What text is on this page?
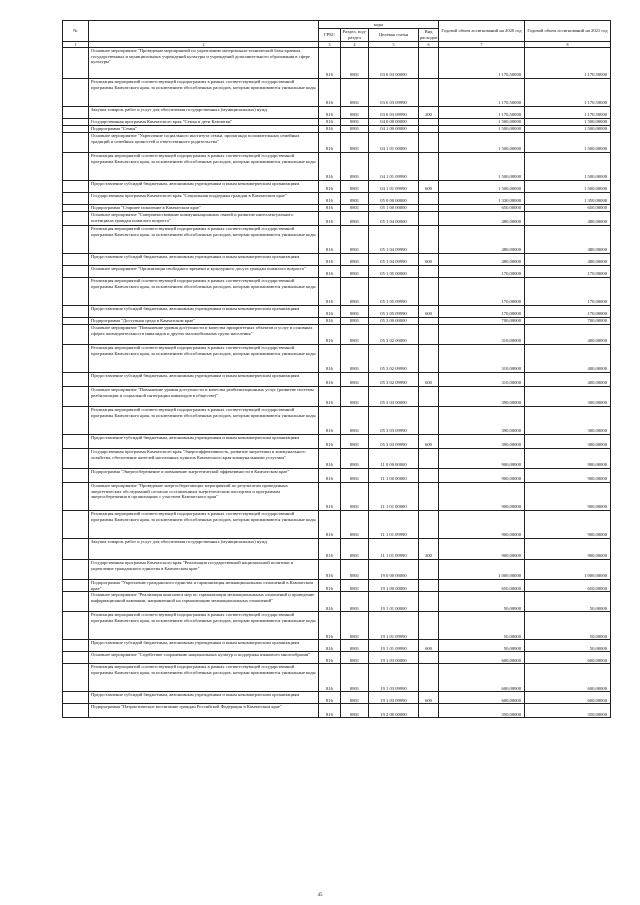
№		коды				Годовой объем ассигнований на 2020 год	Годовой объем ассигнований на 2021 год
		ГРБС	Раздел, под-раздел	Целевая статья	Вид расходов		
1	2	3	4	5	6	7	8
	Основное мероприятие "Проведение мероприятий по укреплению материально-технической базы краевых государственных и муниципальных учреждений культуры и учреждений дополнительного образования в сфере культуры"	816	0801	03 6 03 00000		1 170,50000	1 170,50000
	Реализация мероприятий соответствующей подпрограммы в рамках соответствующей государственной программы Камчатского края, за исключением обособленных расходов, которым присваиваются уникальные коды	816	0801	03 6 03 09990		1 170,50000	1 170,50000
	Закупка товаров, работ и услуг для обеспечения государственных (муниципальных) нужд	816	0801	03 6 03 09990	200	1 170,50000	1 170,50000
	Государственная программа Камчатского края "Семья и дети Камчатки"	816	0801	04 0 00 00000		1 500,00000	1 500,00000
	Подпрограмма "Семья"	816	0801	04 1 00 00000		1 500,00000	1 500,00000
	Основное мероприятие "Укрепление социального института семьи, пропаганда положительных семейных традиций и семейных ценностей и ответственного родительства"	816	0801	04 1 01 00000		1 500,00000	1 500,00000
	Реализация мероприятий соответствующей подпрограммы в рамках соответствующей государственной программы Камчатского края, за исключением обособленных расходов, которым присваиваются уникальные коды	816	0801	04 1 01 09990		1 500,00000	1 500,00000
	Предоставление субсидий бюджетным, автономным учреждениям и иным некоммерческим организациям	816	0801	04 1 01 09990	600	1 500,00000	1 500,00000
	Государственная программа Камчатского края "Социальная поддержка граждан в Камчатском крае"	816	0801	05 0 00 00000		1 330,00000	1 350,00000
	Подпрограмма "Старшее поколение в Камчатском крае"	816	0801	05 1 00 00000		650,00000	650,00000
	Основное мероприятие "Совершенствование коммуникационных связей и развитие интеллектуального потенциала граждан пожилого возраста"	816	0801	05 1 04 00000		480,00000	480,00000
	Реализация мероприятий соответствующей подпрограммы в рамках соответствующей государственной программы Камчатского края, за исключением обособленных расходов, которым присваиваются уникальные коды	816	0801	05 1 04 09990		480,00000	480,00000
	Предоставление субсидий бюджетным, автономным учреждениям и иным некоммерческим организациям	816	0801	05 1 04 09990	600	480,00000	480,00000
	Основное мероприятие "Организация свободного времени и культурного досуга граждан пожилого возраста"	816	0801	05 1 05 00000		170,00000	170,00000
	Реализация мероприятий соответствующей подпрограммы в рамках соответствующей государственной программы Камчатского края, за исключением обособленных расходов, которым присваиваются уникальные коды	816	0801	05 1 05 09990		170,00000	170,00000
	Предоставление субсидий бюджетным, автономным учреждениям и иным некоммерческим организациям	816	0801	05 1 05 09990	600	170,00000	170,00000
	Подпрограмма "Доступная среда в Камчатском крае"	816	0801	05 3 00 00000		700,00000	700,00000
	Основное мероприятие "Повышение уровня доступности и качества приоритетных объектов и услуг в основных сферах жизнедеятельности инвалидов и других маломобильных групп населения"	816	0801	05 3 02 00000		310,00000	400,00000
	Реализация мероприятий соответствующей подпрограммы в рамках соответствующей государственной программы Камчатского края, за исключением обособленных расходов, которым присваиваются уникальные коды	816	0801	05 3 02 09990		310,00000	400,00000
	Предоставление субсидий бюджетным, автономным учреждениям и иным некоммерческим организациям	816	0801	05 3 02 09990	600	310,00000	400,00000
	Основное мероприятие "Повышение уровня доступности и качества реабилитационных услуг (развитие системы реабилитации и социальной интеграции инвалидов в обществе)"	816	0801	05 3 03 00000		390,00000	300,00000
	Реализация мероприятий соответствующей подпрограммы в рамках соответствующей государственной программы Камчатского края, за исключением обособленных расходов, которым присваиваются уникальные коды	816	0801	05 3 03 09990		390,00000	300,00000
	Предоставление субсидий бюджетным, автономным учреждениям и иным некоммерческим организациям	816	0801	05 3 03 09990	600	390,00000	300,00000
	Государственная программа Камчатского края "Энергоэффективность, развитие энергетики и коммунального хозяйства, обеспечение жителей населенных пунктов Камчатского края коммунальными услугами"	816	0801	11 0 00 00000		900,00000	900,00000
	Подпрограмма "Энергосбережение и повышение энергетической эффективности в Камчатском крае"	816	0801	11 1 00 00000		900,00000	900,00000
	Основное мероприятие "Проведение энергосберегающих мероприятий по результатам проведенных энергетических обследований согласно составленным энергетическим паспортам и программам энергосбережения в организациях с участием Камчатского края"	816	0801	11 1 01 00000		900,00000	900,00000
	Реализация мероприятий соответствующей подпрограммы в рамках соответствующей государственной программы Камчатского края, за исключением обособленных расходов, которым присваиваются уникальные коды	816	0801	11 1 01 09990		900,00000	900,00000
	Закупка товаров, работ и услуг для обеспечения государственных (муниципальных) нужд	816	0801	11 1 01 09990	200	900,00000	900,00000
	Государственная программа Камчатского края "Реализация государственной национальной политики и укрепление гражданского единства в Камчатском крае"	816	0801	19 0 00 00000		1 000,00000	1 000,00000
	Подпрограмма "Укрепление гражданского единства и гармонизация межнациональных отношений в Камчатском крае"	816	0801	19 1 00 00000		650,00000	650,00000
	Основное мероприятие "Реализация комплекса мер по гармонизации межнациональных отношений и проведение информационной кампании, направленной на гармонизацию межнациональных отношений"	816	0801	19 1 01 00000		50,00000	50,00000
	Реализация мероприятий соответствующей подпрограммы в рамках соответствующей государственной программы Камчатского края, за исключением обособленных расходов, которым присваиваются уникальные коды	816	0801	19 1 01 09990		50,00000	50,00000
	Предоставление субсидий бюджетным, автономным учреждениям и иным некоммерческим организациям	816	0801	19 1 01 09990	600	50,00000	50,00000
	Основное мероприятие "Содействие сохранению национальных культур и поддержка языкового многообразия"	816	0801	19 1 03 00000		600,00000	600,00000
	Реализация мероприятий соответствующей подпрограммы в рамках соответствующей государственной программы Камчатского края, за исключением обособленных расходов, которым присваиваются уникальные коды	816	0801	19 1 03 09990		600,00000	600,00000
	Предоставление субсидий бюджетным, автономным учреждениям и иным некоммерческим организациям	816	0801	19 1 03 09990	600	600,00000	600,00000
	Подпрограмма "Патриотическое воспитание граждан Российской Федерации в Камчатском крае"	816	0801	19 2 00 00000		350,00000	350,00000
45
